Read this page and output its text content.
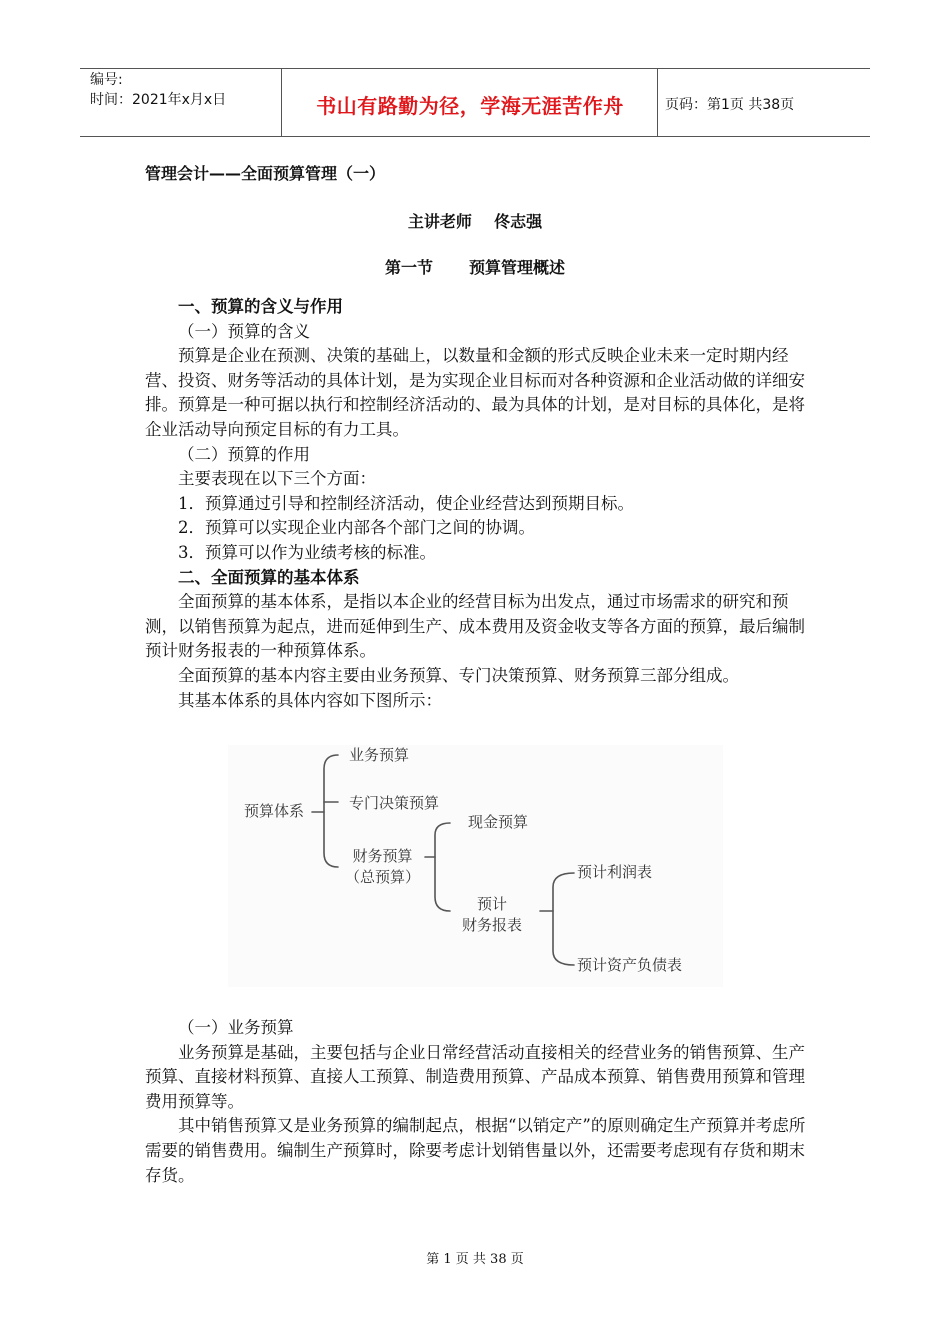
编号:
时间：2021年x月x日	书山有路勤为径，学海无涯苦作舟	页码：第1页 共38页
管理会计——全面预算管理（一）
主讲老师 佟志强
第一节 预算管理概述

一、预算的含义与作用

（一）预算的含义

预算是企业在预测、决策的基础上，以数量和金额的形式反映企业未来一定时期内经营、投资、财务等活动的具体计划，是为实现企业目标而对各种资源和企业活动做的详细安排。预算是一种可据以执行和控制经济活动的、最为具体的计划，是对目标的具体化，是将企业活动导向预定目标的有力工具。

（二）预算的作用

主要表现在以下三个方面：

1．预算通过引导和控制经济活动，使企业经营达到预期目标。

2．预算可以实现企业内部各个部门之间的协调。

3．预算可以作为业绩考核的标准。

二、全面预算的基本体系

全面预算的基本体系，是指以本企业的经营目标为出发点，通过市场需求的研究和预测，以销售预算为起点，进而延伸到生产、成本费用及资金收支等各方面的预算，最后编制预计财务报表的一种预算体系。

全面预算的基本内容主要由业务预算、专门决策预算、财务预算三部分组成。

其基本体系的具体内容如下图所示：

预算体系
业务预算
专门决策预算
财务预算
（总预算）
现金预算
预计
财务报表
预计利润表
预计资产负债表

（一）业务预算

业务预算是基础，主要包括与企业日常经营活动直接相关的经营业务的销售预算、生产预算、直接材料预算、直接人工预算、制造费用预算、产品成本预算、销售费用预算和管理费用预算等。

其中销售预算又是业务预算的编制起点，根据“以销定产”的原则确定生产预算并考虑所需要的销售费用。编制生产预算时，除要考虑计划销售量以外，还需要考虑现有存货和期末存货。

第 1 页 共 38 页
